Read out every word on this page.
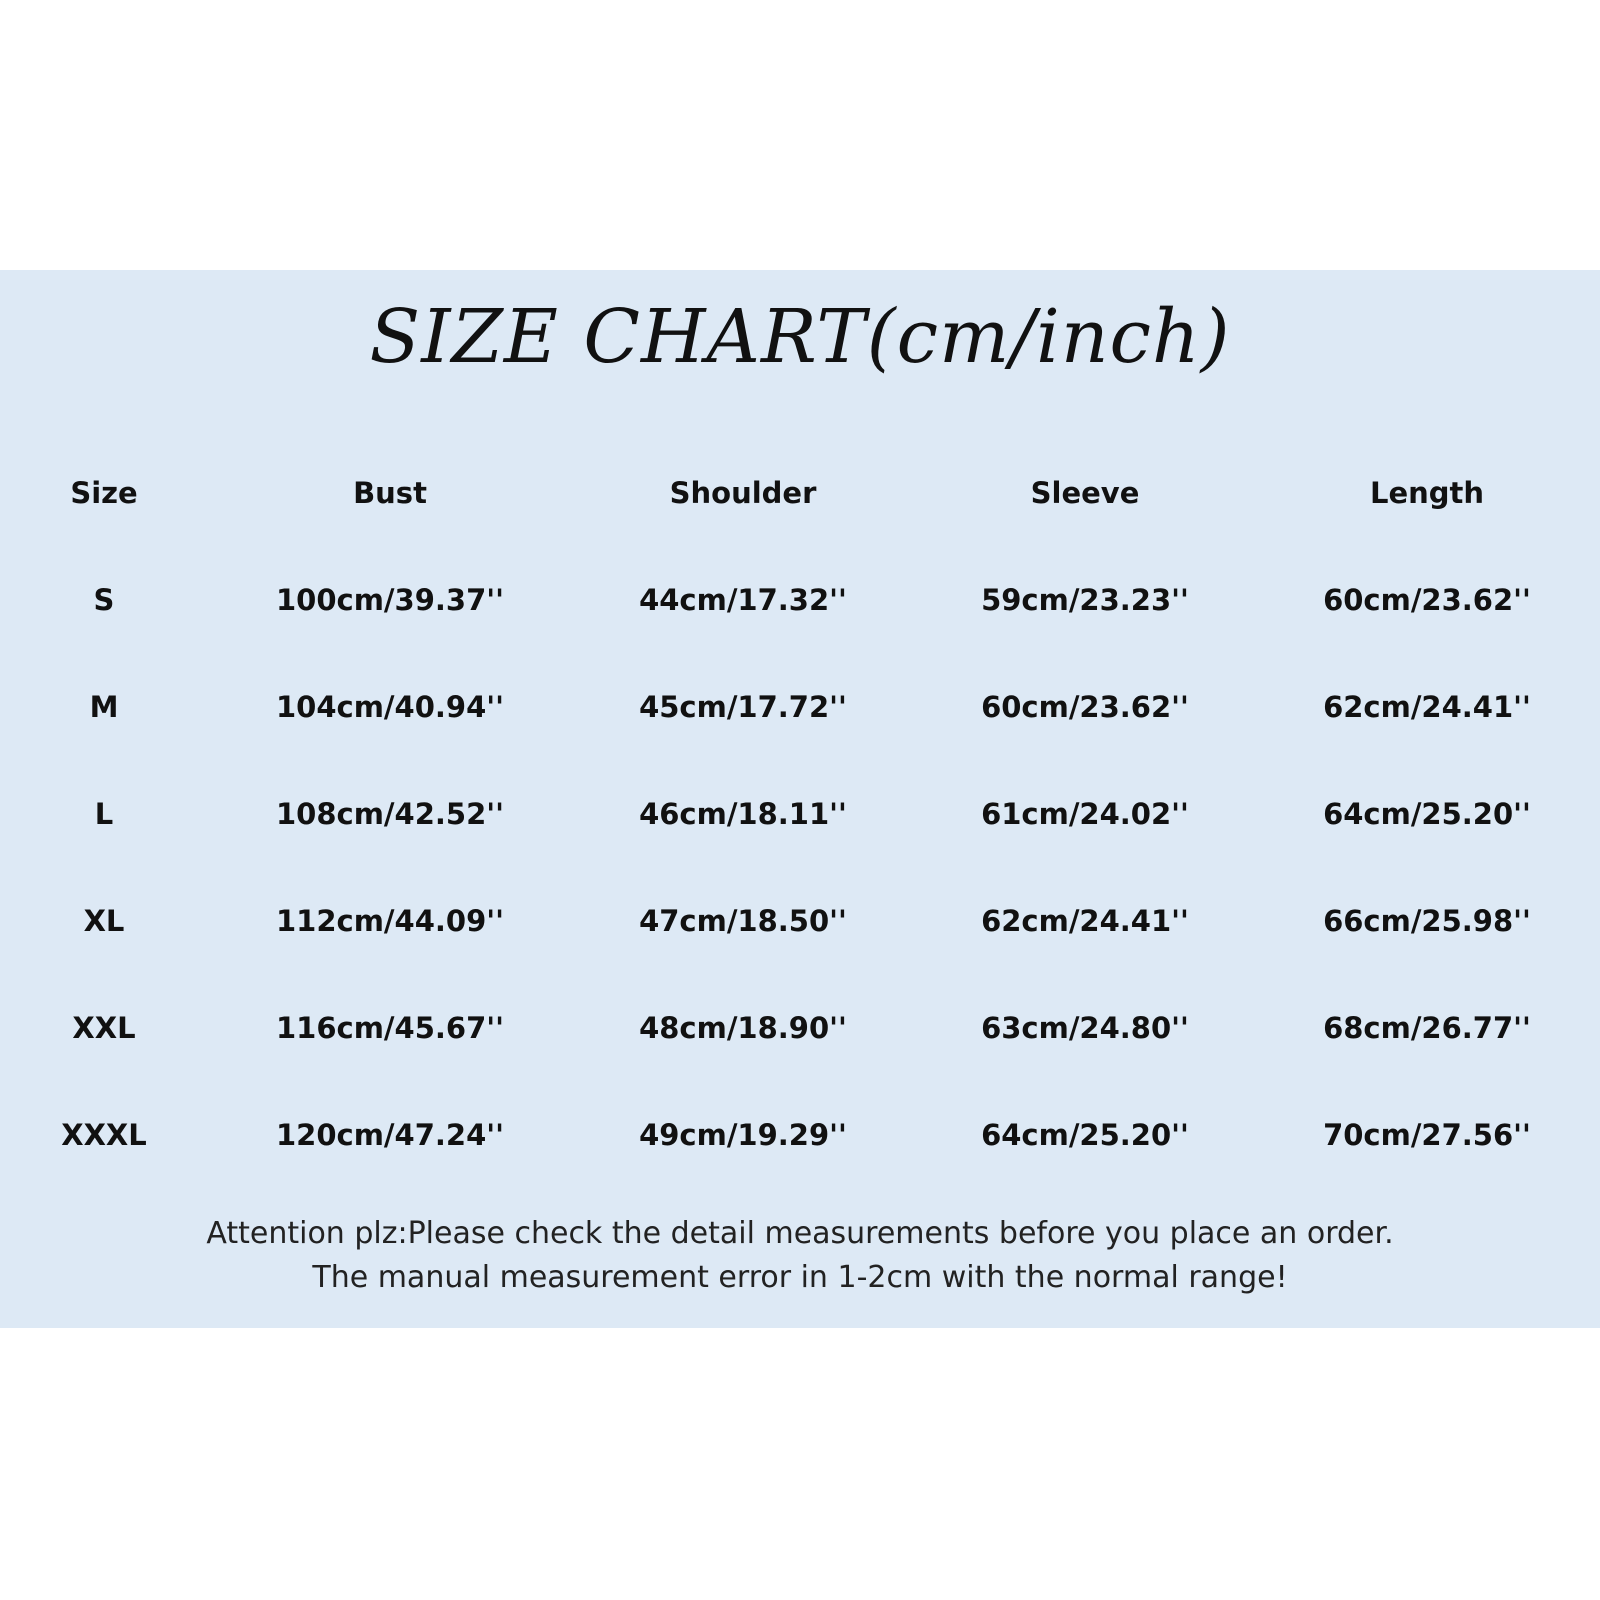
SIZE CHART(cm/inch)
Size	Bust	Shoulder	Sleeve	Length
S	100cm/39.37''	44cm/17.32''	59cm/23.23''	60cm/23.62''
M	104cm/40.94''	45cm/17.72''	60cm/23.62''	62cm/24.41''
L	108cm/42.52''	46cm/18.11''	61cm/24.02''	64cm/25.20''
XL	112cm/44.09''	47cm/18.50''	62cm/24.41''	66cm/25.98''
XXL	116cm/45.67''	48cm/18.90''	63cm/24.80''	68cm/26.77''
XXXL	120cm/47.24''	49cm/19.29''	64cm/25.20''	70cm/27.56''
Attention plz:Please check the detail measurements before you place an order.
The manual measurement error in 1-2cm with the normal range!
